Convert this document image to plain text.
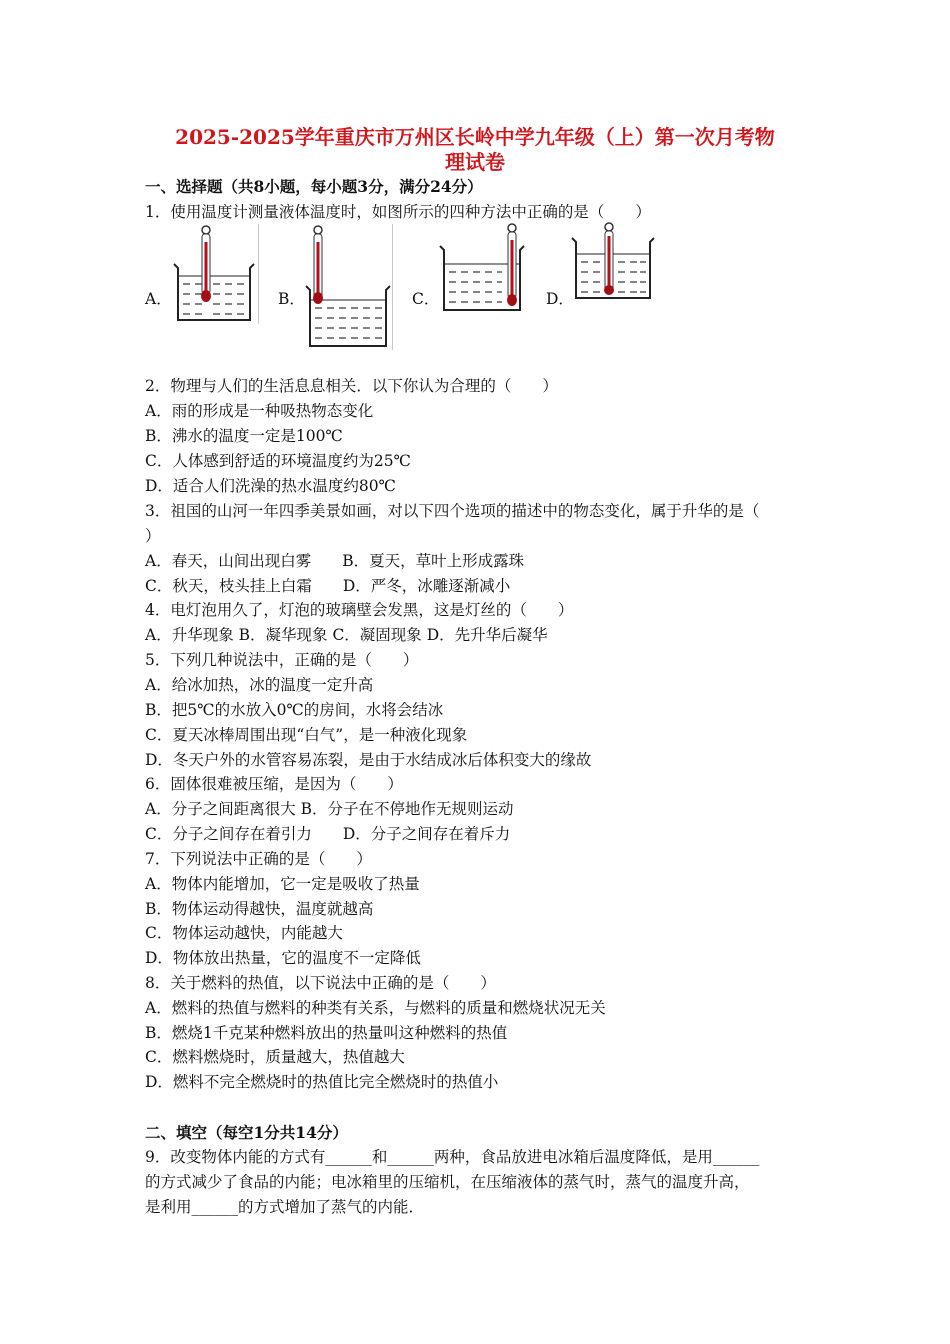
2025-2025学年重庆市万州区长岭中学九年级（上）第一次月考物
理试卷
一、选择题（共8小题，每小题3分，满分24分）
1．使用温度计测量液体温度时，如图所示的四种方法中正确的是（　　）
A．	B．	C．	D．
2．物理与人们的生活息息相关．以下你认为合理的（　　）
A．雨的形成是一种吸热物态变化
B．沸水的温度一定是100℃
C．人体感到舒适的环境温度约为25℃
D．适合人们洗澡的热水温度约80℃
3．祖国的山河一年四季美景如画，对以下四个选项的描述中的物态变化，属于升华的是（
）
A．春天，山间出现白雾　　B．夏天，草叶上形成露珠
C．秋天，枝头挂上白霜　　D．严冬，冰雕逐渐减小
4．电灯泡用久了，灯泡的玻璃壁会发黑，这是灯丝的（　　）
A．升华现象 B．凝华现象 C．凝固现象 D．先升华后凝华
5．下列几种说法中，正确的是（　　）
A．给冰加热，冰的温度一定升高
B．把5℃的水放入0℃的房间，水将会结冰
C．夏天冰棒周围出现“白气”，是一种液化现象
D．冬天户外的水管容易冻裂，是由于水结成冰后体积变大的缘故
6．固体很难被压缩，是因为（　　）
A．分子之间距离很大 B．分子在不停地作无规则运动
C．分子之间存在着引力　　D．分子之间存在着斥力
7．下列说法中正确的是（　　）
A．物体内能增加，它一定是吸收了热量
B．物体运动得越快，温度就越高
C．物体运动越快，内能越大
D．物体放出热量，它的温度不一定降低
8．关于燃料的热值，以下说法中正确的是（　　）
A．燃料的热值与燃料的种类有关系，与燃料的质量和燃烧状况无关
B．燃烧1千克某种燃料放出的热量叫这种燃料的热值
C．燃料燃烧时，质量越大，热值越大
D．燃料不完全燃烧时的热值比完全燃烧时的热值小
二、填空（每空1分共14分）
9．改变物体内能的方式有______和______两种，食品放进电冰箱后温度降低，是用______
的方式减少了食品的内能；电冰箱里的压缩机，在压缩液体的蒸气时，蒸气的温度升高，
是利用______的方式增加了蒸气的内能．
